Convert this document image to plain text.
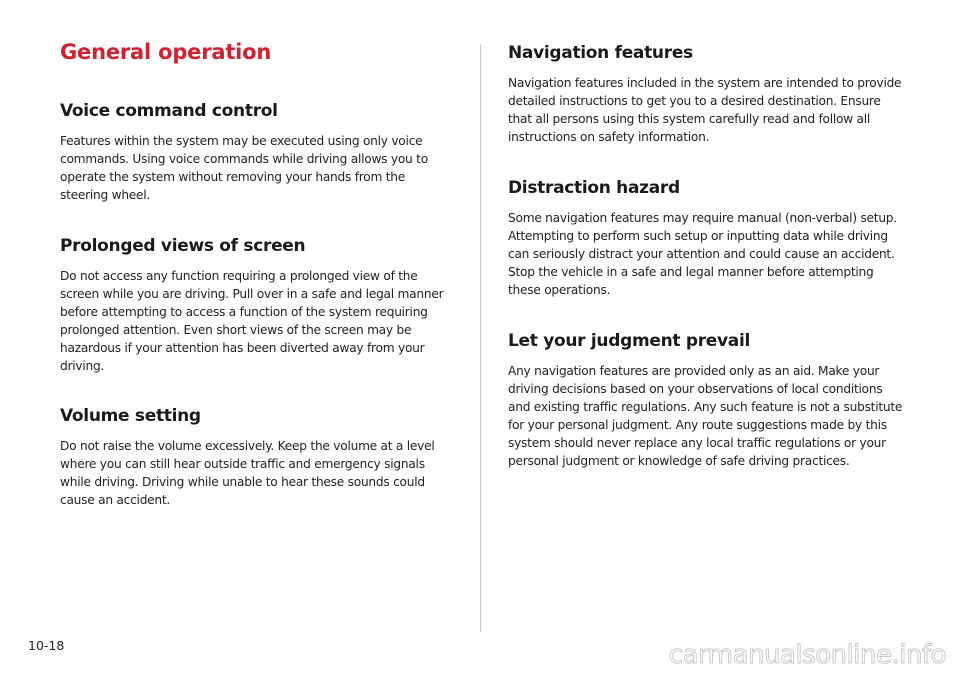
General operation
Voice command control

Features within the system may be executed using only voice commands. Using voice commands while driving allows you to operate the system without removing your hands from the steering wheel.

Prolonged views of screen

Do not access any function requiring a prolonged view of the screen while you are driving. Pull over in a safe and legal manner before attempting to access a function of the system requiring prolonged attention. Even short views of the screen may be hazardous if your attention has been diverted away from your driving.

Volume setting

Do not raise the volume excessively. Keep the volume at a level where you can still hear outside traffic and emergency signals while driving. Driving while unable to hear these sounds could cause an accident.

Navigation features

Navigation features included in the system are intended to provide detailed instructions to get you to a desired destination. Ensure that all persons using this system carefully read and follow all instructions on safety information.

Distraction hazard

Some navigation features may require manual (non-verbal) setup. Attempting to perform such setup or inputting data while driving can seriously distract your attention and could cause an accident. Stop the vehicle in a safe and legal manner before attempting these operations.

Let your judgment prevail

Any navigation features are provided only as an aid. Make your driving decisions based on your observations of local conditions and existing traffic regulations. Any such feature is not a substitute for your personal judgment. Any route suggestions made by this system should never replace any local traffic regulations or your personal judgment or knowledge of safe driving practices.

10-18	carmanualsonline.info
